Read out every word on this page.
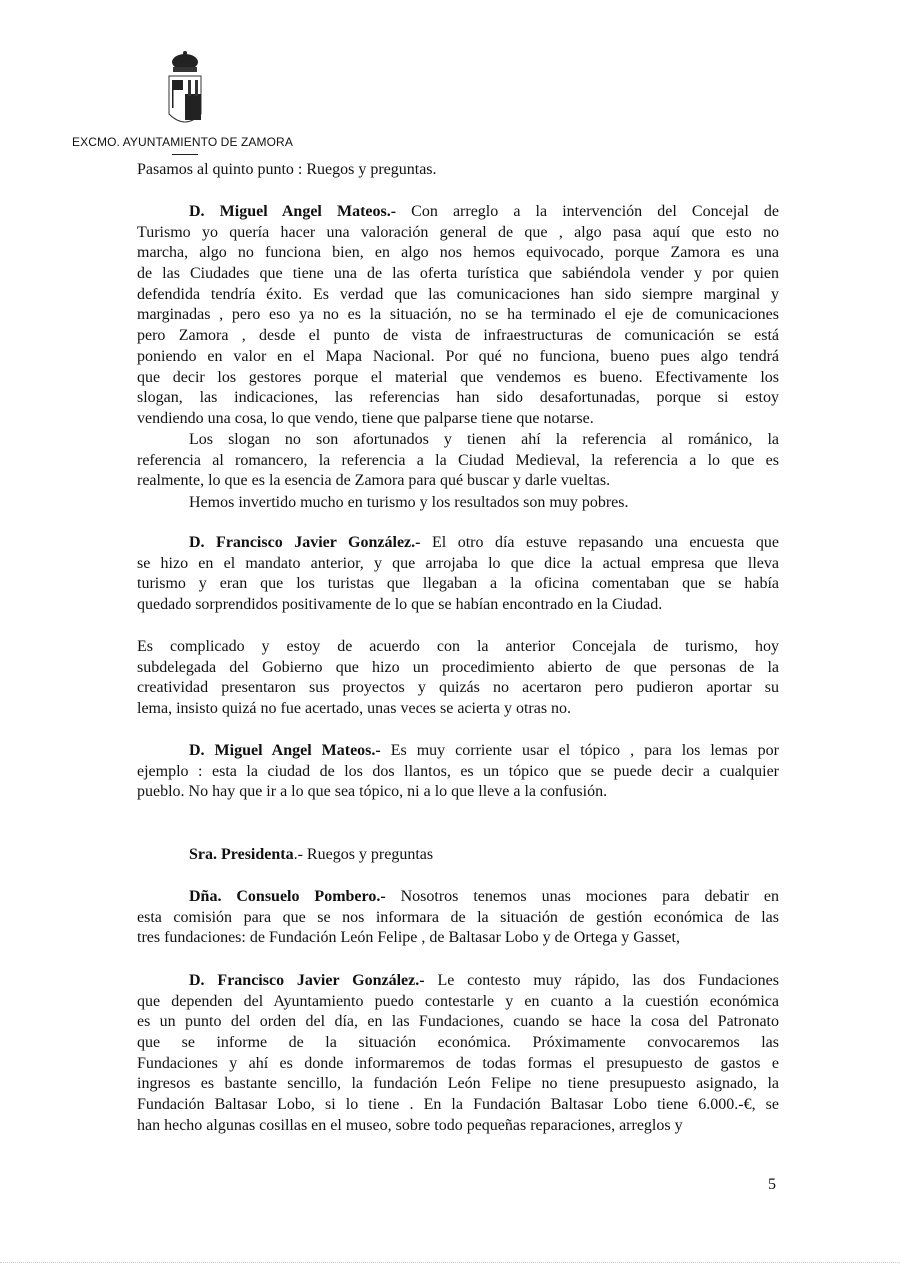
EXCMO. AYUNTAMIENTO DE ZAMORA
Pasamos al quinto punto : Ruegos y preguntas.
D. Miguel Angel Mateos.- Con arreglo a la intervención del Concejal de
Turismo yo quería hacer una valoración general de que , algo pasa aquí que esto no
marcha, algo no funciona bien, en algo nos hemos equivocado, porque Zamora es una
de las Ciudades que tiene una de las oferta turística que sabiéndola vender y por quien
defendida tendría éxito. Es verdad que las comunicaciones han sido siempre marginal y
marginadas , pero eso ya no es la situación, no se ha terminado el eje de comunicaciones
pero Zamora , desde el punto de vista de infraestructuras de comunicación se está
poniendo en valor en el Mapa Nacional. Por qué no funciona, bueno pues algo tendrá
que decir los gestores porque el material que vendemos es bueno. Efectivamente los
slogan, las indicaciones, las referencias han sido desafortunadas, porque si estoy
vendiendo una cosa, lo que vendo, tiene que palparse tiene que notarse.
Los slogan no son afortunados y tienen ahí la referencia al románico, la
referencia al romancero, la referencia a la Ciudad Medieval, la referencia a lo que es
realmente, lo que es la esencia de Zamora para qué buscar y darle vueltas.
Hemos invertido mucho en turismo y los resultados son muy pobres.
D. Francisco Javier González.- El otro día estuve repasando una encuesta que
se hizo en el mandato anterior, y que arrojaba lo que dice la actual empresa que lleva
turismo y eran que los turistas que llegaban a la oficina comentaban que se había
quedado sorprendidos positivamente de lo que se habían encontrado en la Ciudad.
Es complicado y estoy de acuerdo con la anterior Concejala de turismo, hoy
subdelegada del Gobierno que hizo un procedimiento abierto de que personas de la
creatividad presentaron sus proyectos y quizás no acertaron pero pudieron aportar su
lema, insisto quizá no fue acertado, unas veces se acierta y otras no.
D. Miguel Angel Mateos.- Es muy corriente usar el tópico , para los lemas por
ejemplo : esta la ciudad de los dos llantos, es un tópico que se puede decir a cualquier
pueblo. No hay que ir a lo que sea tópico, ni a lo que lleve a la confusión.
Sra. Presidenta.- Ruegos y preguntas
Dña. Consuelo Pombero.- Nosotros tenemos unas mociones para debatir en
esta comisión para que se nos informara de la situación de gestión económica de las
tres fundaciones: de Fundación León Felipe , de Baltasar Lobo y de Ortega y Gasset,
D. Francisco Javier González.- Le contesto muy rápido, las dos Fundaciones
que dependen del Ayuntamiento puedo contestarle y en cuanto a la cuestión económica
es un punto del orden del día, en las Fundaciones, cuando se hace la cosa del Patronato
que se informe de la situación económica. Próximamente convocaremos las
Fundaciones y ahí es donde informaremos de todas formas el presupuesto de gastos e
ingresos es bastante sencillo, la fundación León Felipe no tiene presupuesto asignado, la
Fundación Baltasar Lobo, si lo tiene . En la Fundación Baltasar Lobo tiene 6.000.-€, se
han hecho algunas cosillas en el museo, sobre todo pequeñas reparaciones, arreglos y
5
